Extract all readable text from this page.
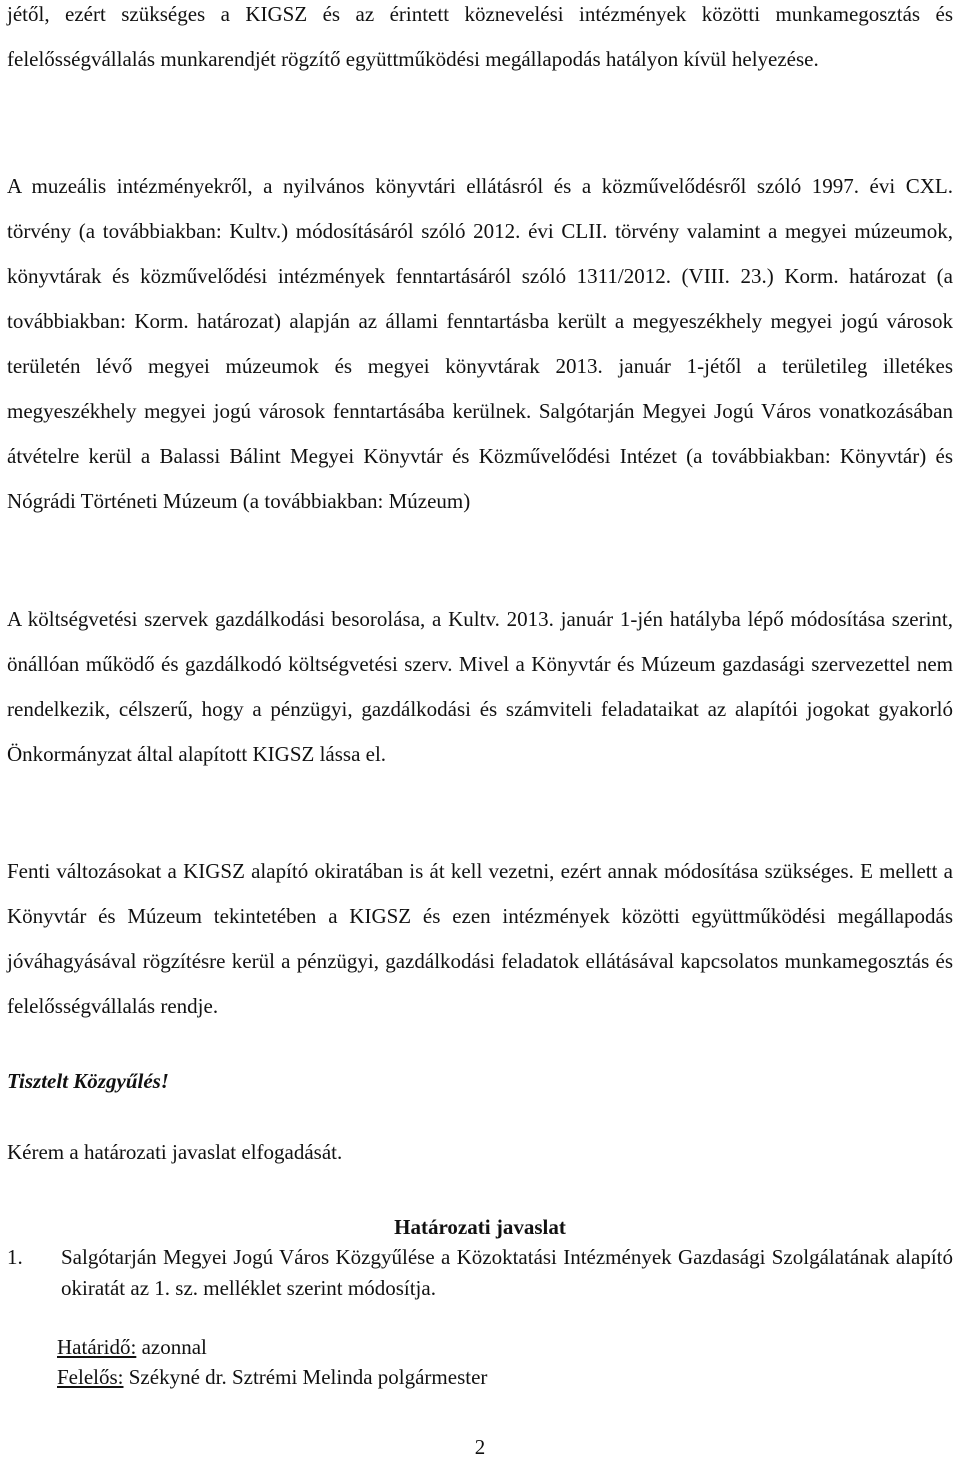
jétől, ezért szükséges a KIGSZ és az érintett köznevelési intézmények közötti munkamegosztás és felelősségvállalás munkarendjét rögzítő együttműködési megállapodás hatályon kívül helyezése.

A muzeális intézményekről, a nyilvános könyvtári ellátásról és a közművelődésről szóló 1997. évi CXL. törvény (a továbbiakban: Kultv.) módosításáról szóló 2012. évi CLII. törvény valamint a megyei múzeumok, könyvtárak és közművelődési intézmények fenntartásáról szóló 1311/2012. (VIII. 23.) Korm. határozat (a továbbiakban: Korm. határozat) alapján az állami fenntartásba került a megyeszékhely megyei jogú városok területén lévő megyei múzeumok és megyei könyvtárak 2013. január 1-jétől a területileg illetékes megyeszékhely megyei jogú városok fenntartásába kerülnek. Salgótarján Megyei Jogú Város vonatkozásában átvételre kerül a Balassi Bálint Megyei Könyvtár és Közművelődési Intézet (a továbbiakban: Könyvtár) és Nógrádi Történeti Múzeum (a továbbiakban: Múzeum)

A költségvetési szervek gazdálkodási besorolása, a Kultv. 2013. január 1-jén hatályba lépő módosítása szerint, önállóan működő és gazdálkodó költségvetési szerv. Mivel a Könyvtár és Múzeum gazdasági szervezettel nem rendelkezik, célszerű, hogy a pénzügyi, gazdálkodási és számviteli feladataikat az alapítói jogokat gyakorló Önkormányzat által alapított KIGSZ lássa el.

Fenti változásokat a KIGSZ alapító okiratában is át kell vezetni, ezért annak módosítása szükséges. E mellett a Könyvtár és Múzeum tekintetében a KIGSZ és ezen intézmények közötti együttműködési megállapodás jóváhagyásával rögzítésre kerül a pénzügyi, gazdálkodási feladatok ellátásával kapcsolatos munkamegosztás és felelősségvállalás rendje.

Tisztelt Közgyűlés!

Kérem a határozati javaslat elfogadását.

Határozati javaslat

1.	Salgótarján Megyei Jogú Város Közgyűlése a Közoktatási Intézmények Gazdasági Szolgálatának alapító okiratát az 1. sz. melléklet szerint módosítja.

Határidő: azonnal

Felelős: Székyné dr. Sztrémi Melinda polgármester

2
